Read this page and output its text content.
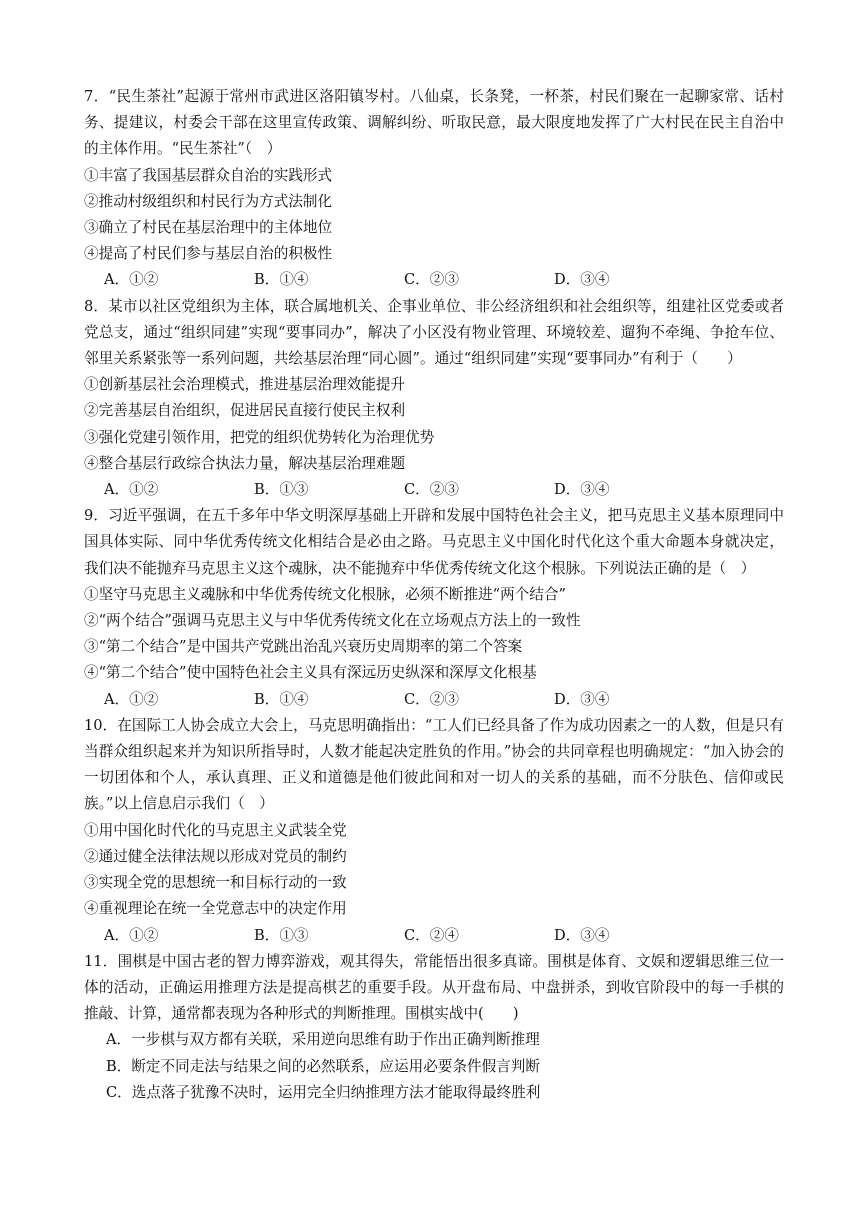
7．“民生茶社”起源于常州市武进区洛阳镇岑村。八仙桌，长条凳，一杯茶，村民们聚在一起聊家常、话村务、提建议，村委会干部在这里宣传政策、调解纠纷、听取民意，最大限度地发挥了广大村民在民主自治中的主体作用。“民生茶社”（　）

①丰富了我国基层群众自治的实践形式

②推动村级组织和村民行为方式法制化

③确立了村民在基层治理中的主体地位

④提高了村民们参与基层自治的积极性

A．①②	B．①④	C．②③	D．③④

8．某市以社区党组织为主体，联合属地机关、企事业单位、非公经济组织和社会组织等，组建社区党委或者党总支，通过“组织同建”实现“要事同办”，解决了小区没有物业管理、环境较差、遛狗不牵绳、争抢车位、邻里关系紧张等一系列问题，共绘基层治理“同心圆”。通过“组织同建”实现“要事同办”有利于（　　）

①创新基层社会治理模式，推进基层治理效能提升

②完善基层自治组织，促进居民直接行使民主权利

③强化党建引领作用，把党的组织优势转化为治理优势

④整合基层行政综合执法力量，解决基层治理难题

A．①②	B．①③	C．②③	D．③④

9．习近平强调，在五千多年中华文明深厚基础上开辟和发展中国特色社会主义，把马克思主义基本原理同中国具体实际、同中华优秀传统文化相结合是必由之路。马克思主义中国化时代化这个重大命题本身就决定，我们决不能抛弃马克思主义这个魂脉，决不能抛弃中华优秀传统文化这个根脉。下列说法正确的是（　）

①坚守马克思主义魂脉和中华优秀传统文化根脉，必须不断推进“两个结合”

②“两个结合”强调马克思主义与中华优秀传统文化在立场观点方法上的一致性

③“第二个结合”是中国共产党跳出治乱兴衰历史周期率的第二个答案

④“第二个结合”使中国特色社会主义具有深远历史纵深和深厚文化根基

A．①②	B．①④	C．②③	D．③④

10．在国际工人协会成立大会上，马克思明确指出：“工人们已经具备了作为成功因素之一的人数，但是只有当群众组织起来并为知识所指导时，人数才能起决定胜负的作用。”协会的共同章程也明确规定：“加入协会的一切团体和个人，承认真理、正义和道德是他们彼此间和对一切人的关系的基础，而不分肤色、信仰或民族。”以上信息启示我们（　）

①用中国化时代化的马克思主义武装全党

②通过健全法律法规以形成对党员的制约

③实现全党的思想统一和目标行动的一致

④重视理论在统一全党意志中的决定作用

A．①②	B．①③	C．②④	D．③④

11．围棋是中国古老的智力博弈游戏，观其得失，常能悟出很多真谛。围棋是体育、文娱和逻辑思维三位一体的活动，正确运用推理方法是提高棋艺的重要手段。从开盘布局、中盘拼杀，到收官阶段中的每一手棋的推敲、计算，通常都表现为各种形式的判断推理。围棋实战中(　　)

A．一步棋与双方都有关联，采用逆向思维有助于作出正确判断推理

B．断定不同走法与结果之间的必然联系，应运用必要条件假言判断

C．选点落子犹豫不决时，运用完全归纳推理方法才能取得最终胜利
